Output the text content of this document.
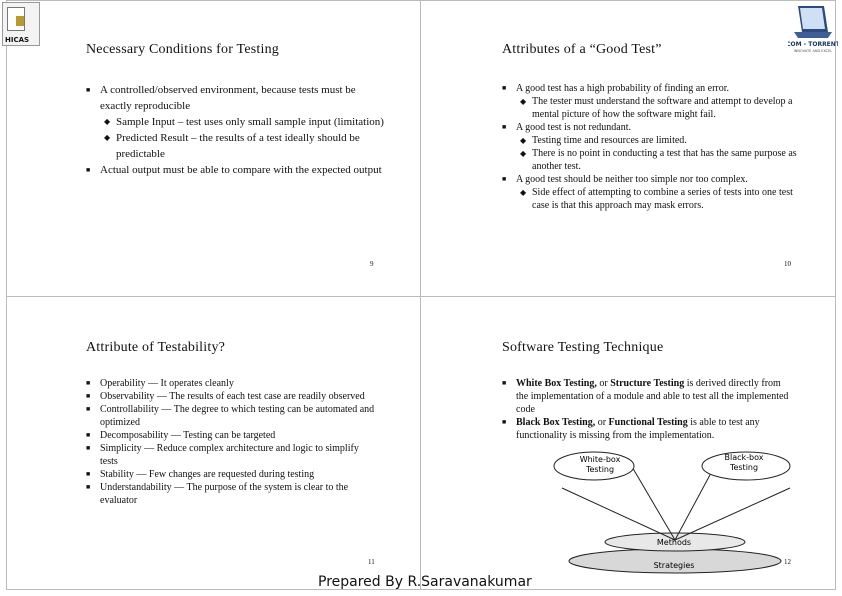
HICAS
COM - TORRENT
INNOVATE AND EXCEL
Necessary Conditions for Testing
■ A controlled/observed environment, because tests must be exactly reproducible
◆ Sample Input – test uses only small sample input (limitation)
◆ Predicted Result – the results of a test ideally should be predictable
■ Actual output must be able to compare with the expected output
9
Attributes of a “Good Test”
■ A good test has a high probability of finding an error.
◆ The tester must understand the software and attempt to develop a mental picture of how the software might fail.
■ A good test is not redundant.
◆ Testing time and resources are limited.
◆ There is no point in conducting a test that has the same purpose as another test.
■ A good test should be neither too simple nor too complex.
◆ Side effect of attempting to combine a series of tests into one test case is that this approach may mask errors.
10
Attribute of Testability?
■ Operability — It operates cleanly
■ Observability — The results of each test case are readily observed
■ Controllability — The degree to which testing can be automated and optimized
■ Decomposability — Testing can be targeted
■ Simplicity — Reduce complex architecture and logic to simplify tests
■ Stability — Few changes are requested during testing
■ Understandability — The purpose of the system is clear to the evaluator
11
Software Testing Technique
■ White Box Testing, or Structure Testing is derived directly from the implementation of a module and able to test all the implemented code
■ Black Box Testing, or Functional Testing is able to test any functionality is missing from the implementation.
White-box
Testing
Black-box
Testing
Methods
Strategies	12
Prepared By R.Saravanakumar
